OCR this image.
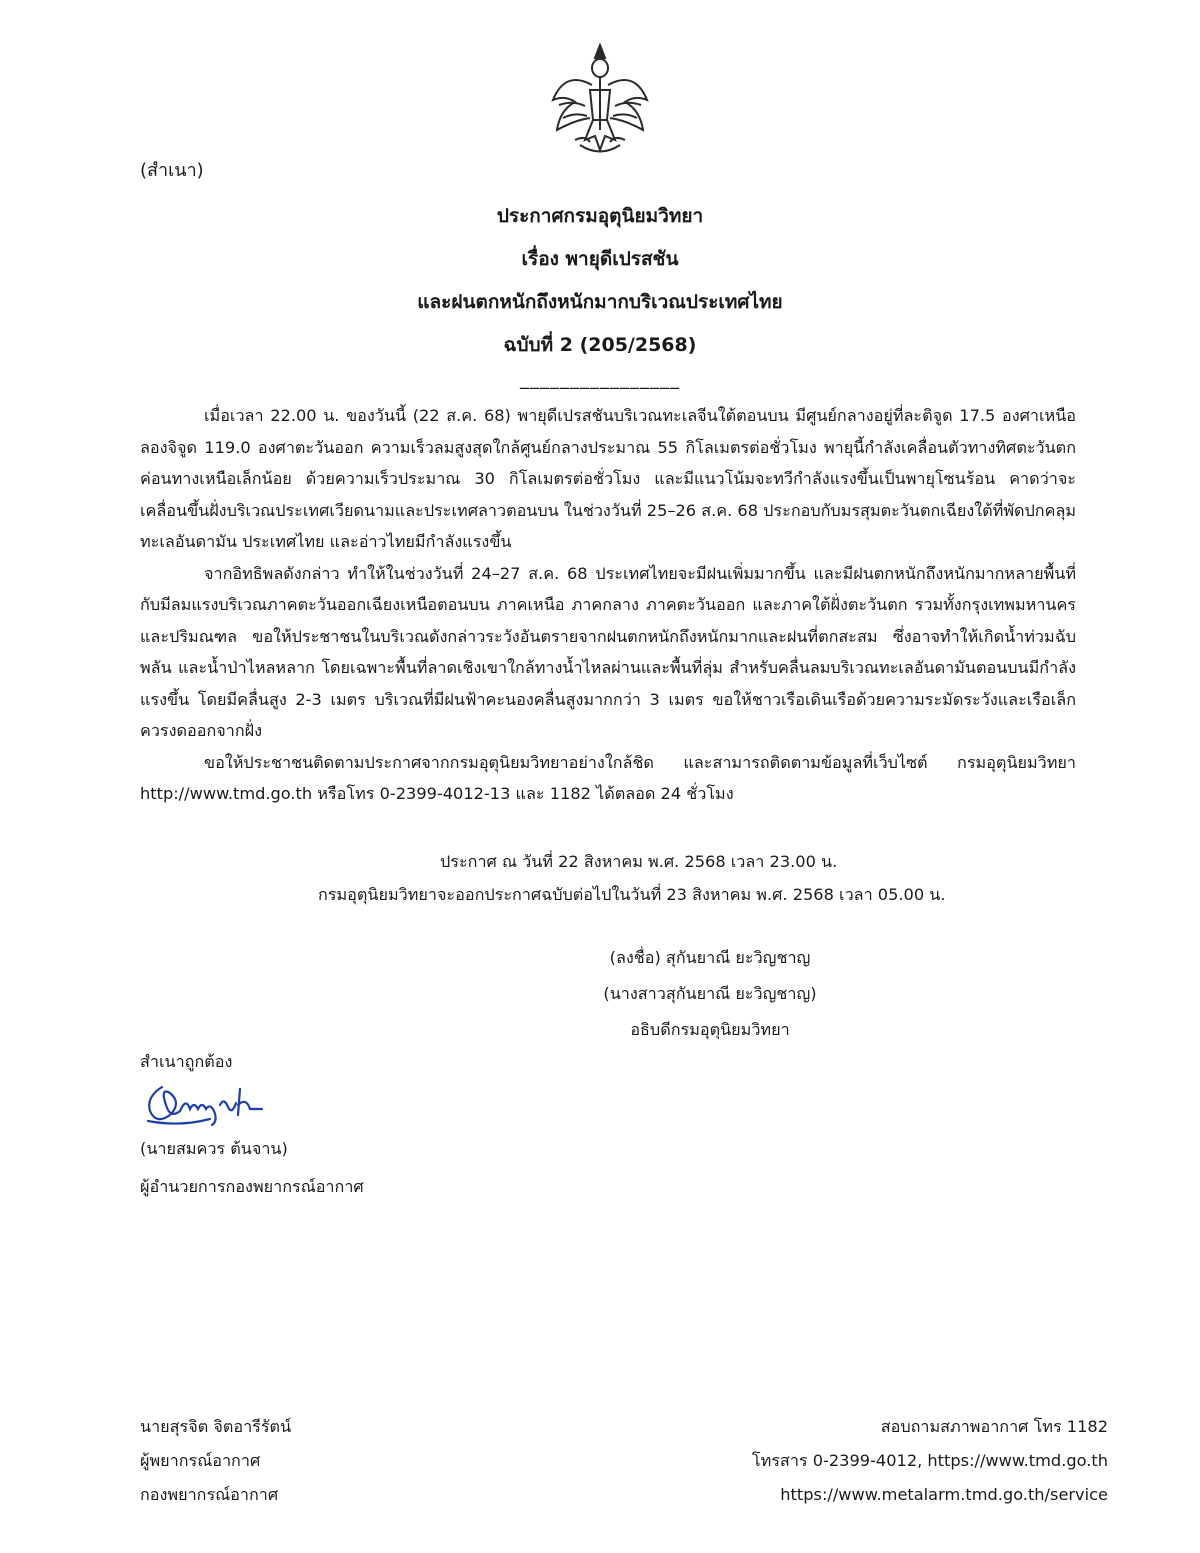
(สำเนา)
ประกาศกรมอุตุนิยมวิทยา
เรื่อง พายุดีเปรสชัน
และฝนตกหนักถึงหนักมากบริเวณประเทศไทย
ฉบับที่ 2 (205/2568)
________________

เมื่อเวลา 22.00 น. ของวันนี้ (22 ส.ค. 68) พายุดีเปรสชันบริเวณทะเลจีนใต้ตอนบน มีศูนย์กลางอยู่ที่ละติจูด 17.5 องศาเหนือ ลองจิจูด 119.0 องศาตะวันออก ความเร็วลมสูงสุดใกล้ศูนย์กลางประมาณ 55 กิโลเมตรต่อชั่วโมง พายุนี้กำลังเคลื่อนตัวทางทิศตะวันตกค่อนทางเหนือเล็กน้อย ด้วยความเร็วประมาณ 30 กิโลเมตรต่อชั่วโมง และมีแนวโน้มจะทวีกำลังแรงขึ้นเป็นพายุโซนร้อน คาดว่าจะเคลื่อนขึ้นฝั่งบริเวณประเทศเวียดนามและประเทศลาวตอนบน ในช่วงวันที่ 25–26 ส.ค. 68 ประกอบกับมรสุมตะวันตกเฉียงใต้ที่พัดปกคลุมทะเลอันดามัน ประเทศไทย และอ่าวไทยมีกำลังแรงขึ้น

จากอิทธิพลดังกล่าว ทำให้ในช่วงวันที่ 24–27 ส.ค. 68 ประเทศไทยจะมีฝนเพิ่มมากขึ้น และมีฝนตกหนักถึงหนักมากหลายพื้นที่ กับมีลมแรงบริเวณภาคตะวันออกเฉียงเหนือตอนบน ภาคเหนือ ภาคกลาง ภาคตะวันออก และภาคใต้ฝั่งตะวันตก รวมทั้งกรุงเทพมหานครและปริมณฑล ขอให้ประชาชนในบริเวณดังกล่าวระวังอันตรายจากฝนตกหนักถึงหนักมากและฝนที่ตกสะสม ซึ่งอาจทำให้เกิดน้ำท่วมฉับพลัน และน้ำป่าไหลหลาก โดยเฉพาะพื้นที่ลาดเชิงเขาใกล้ทางน้ำไหลผ่านและพื้นที่ลุ่ม สำหรับคลื่นลมบริเวณทะเลอันดามันตอนบนมีกำลังแรงขึ้น โดยมีคลื่นสูง 2-3 เมตร บริเวณที่มีฝนฟ้าคะนองคลื่นสูงมากกว่า 3 เมตร ขอให้ชาวเรือเดินเรือด้วยความระมัดระวังและเรือเล็กควรงดออกจากฝั่ง

ขอให้ประชาชนติดตามประกาศจากกรมอุตุนิยมวิทยาอย่างใกล้ชิด และสามารถติดตามข้อมูลที่เว็บไซต์ กรมอุตุนิยมวิทยา http://www.tmd.go.th หรือโทร 0-2399-4012-13 และ 1182 ได้ตลอด 24 ชั่วโมง

ประกาศ ณ วันที่ 22 สิงหาคม พ.ศ. 2568 เวลา 23.00 น.
กรมอุตุนิยมวิทยาจะออกประกาศฉบับต่อไปในวันที่ 23 สิงหาคม พ.ศ. 2568 เวลา 05.00 น.
(ลงชื่อ) สุกันยาณี ยะวิญชาญ
(นางสาวสุกันยาณี ยะวิญชาญ)
อธิบดีกรมอุตุนิยมวิทยา
สำเนาถูกต้อง
(นายสมควร ต้นจาน)
ผู้อำนวยการกองพยากรณ์อากาศ
นายสุรจิต จิตอารีรัตน์
ผู้พยากรณ์อากาศ
กองพยากรณ์อากาศ
สอบถามสภาพอากาศ โทร 1182
โทรสาร 0-2399-4012, https://www.tmd.go.th
https://www.metalarm.tmd.go.th/service
